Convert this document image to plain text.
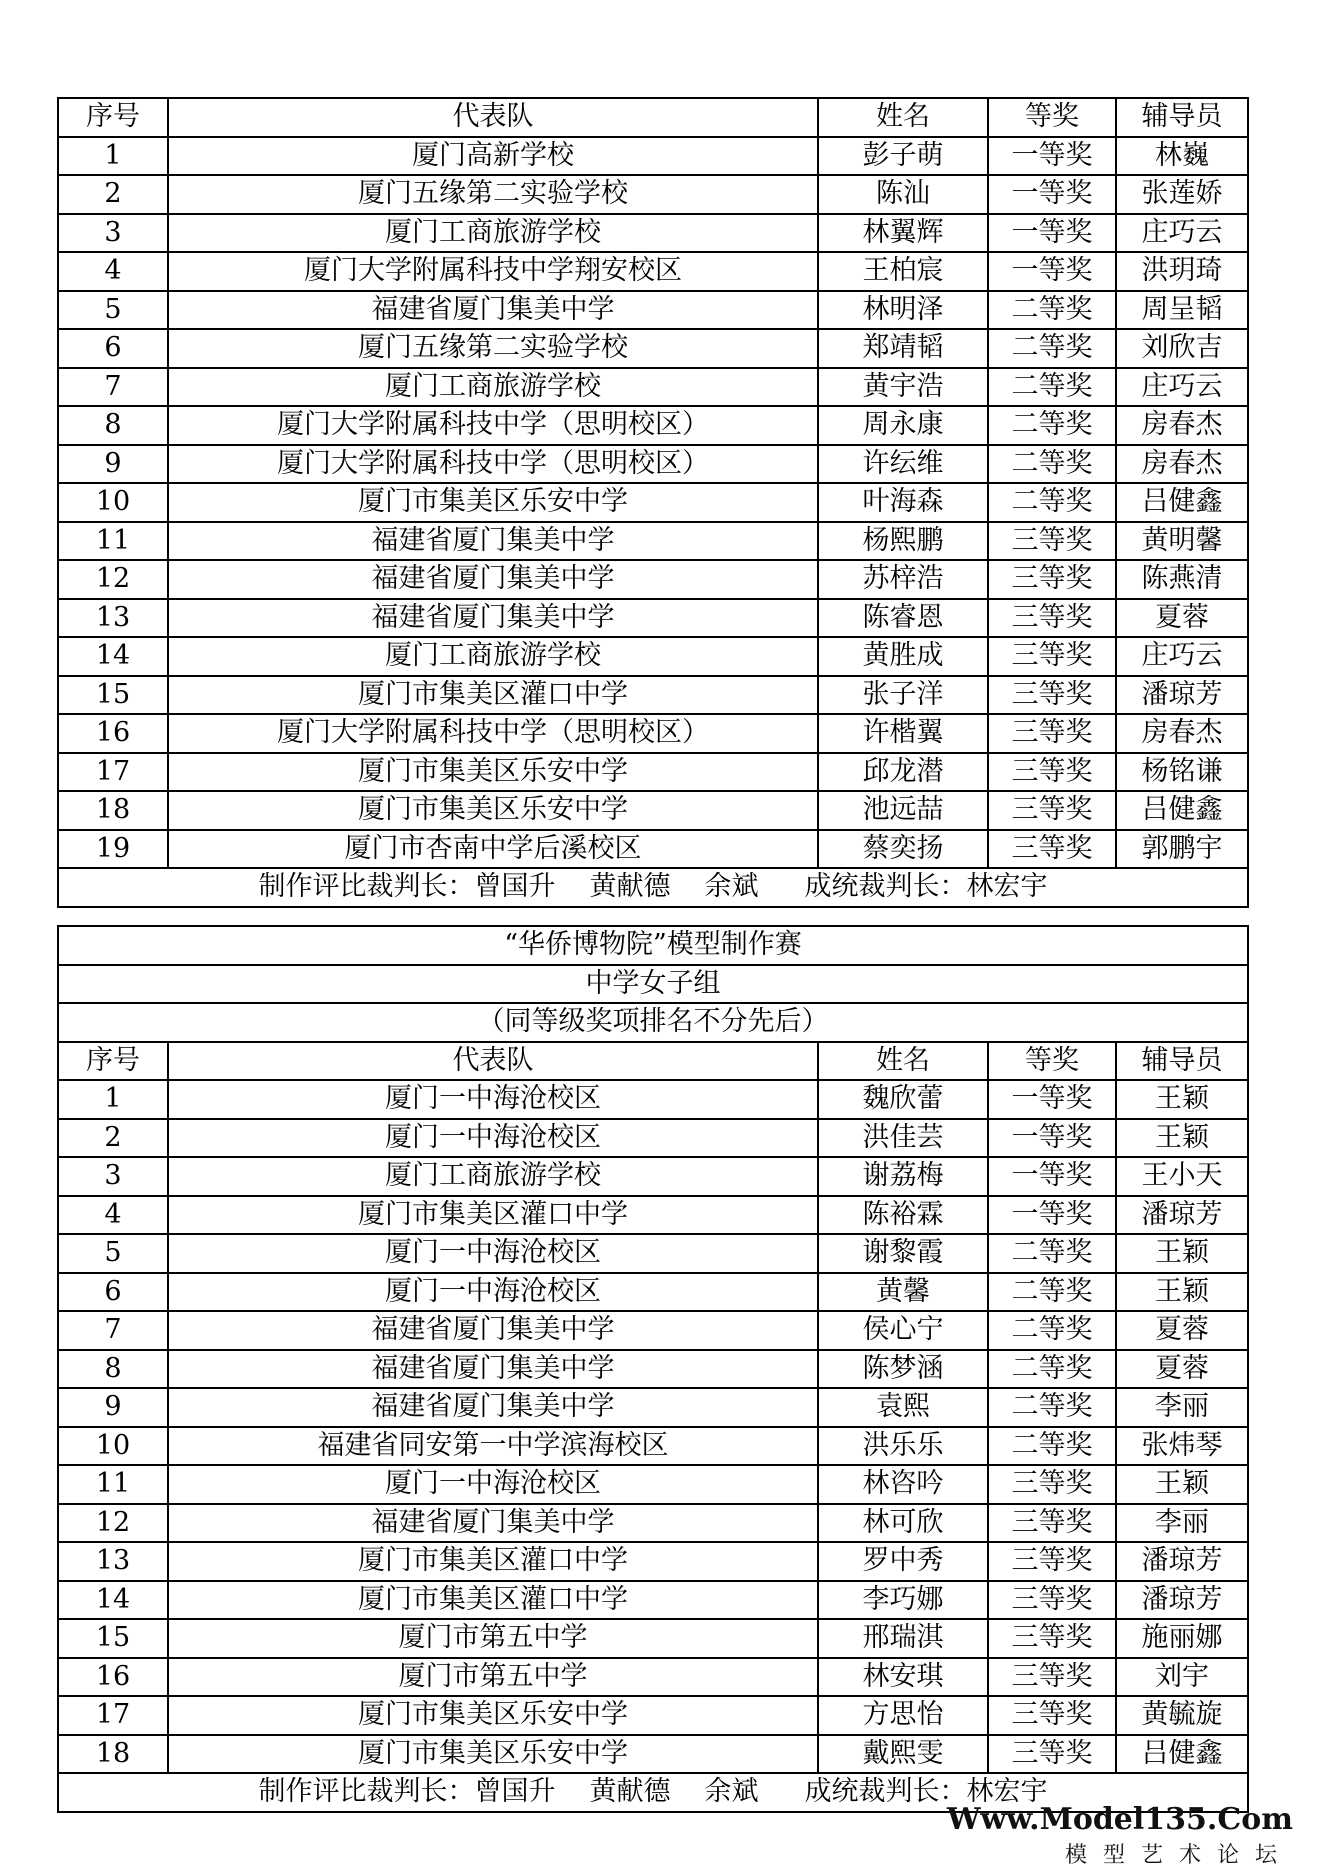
序号	代表队	姓名	等奖	辅导员
1	厦门高新学校	彭子萌	一等奖	林巍
2	厦门五缘第二实验学校	陈汕	一等奖	张莲娇
3	厦门工商旅游学校	林翼辉	一等奖	庄巧云
4	厦门大学附属科技中学翔安校区	王柏宸	一等奖	洪玥琦
5	福建省厦门集美中学	林明泽	二等奖	周呈韬
6	厦门五缘第二实验学校	郑靖韬	二等奖	刘欣吉
7	厦门工商旅游学校	黄宇浩	二等奖	庄巧云
8	厦门大学附属科技中学（思明校区）	周永康	二等奖	房春杰
9	厦门大学附属科技中学（思明校区）	许纭维	二等奖	房春杰
10	厦门市集美区乐安中学	叶海森	二等奖	吕健鑫
11	福建省厦门集美中学	杨熙鹏	三等奖	黄明馨
12	福建省厦门集美中学	苏梓浩	三等奖	陈燕清
13	福建省厦门集美中学	陈睿恩	三等奖	夏蓉
14	厦门工商旅游学校	黄胜成	三等奖	庄巧云
15	厦门市集美区灌口中学	张子洋	三等奖	潘琼芳
16	厦门大学附属科技中学（思明校区）	许楷翼	三等奖	房春杰
17	厦门市集美区乐安中学	邱龙潜	三等奖	杨铭谦
18	厦门市集美区乐安中学	池远喆	三等奖	吕健鑫
19	厦门市杏南中学后溪校区	蔡奕扬	三等奖	郭鹏宇
制作评比裁判长：曾国升 黄献德 余斌 成统裁判长：林宏宇				
“华侨博物院”模型制作赛				
中学女子组				
（同等级奖项排名不分先后）				
序号	代表队	姓名	等奖	辅导员
1	厦门一中海沧校区	魏欣蕾	一等奖	王颖
2	厦门一中海沧校区	洪佳芸	一等奖	王颖
3	厦门工商旅游学校	谢荔梅	一等奖	王小天
4	厦门市集美区灌口中学	陈裕霖	一等奖	潘琼芳
5	厦门一中海沧校区	谢黎霞	二等奖	王颖
6	厦门一中海沧校区	黄馨	二等奖	王颖
7	福建省厦门集美中学	侯心宁	二等奖	夏蓉
8	福建省厦门集美中学	陈梦涵	二等奖	夏蓉
9	福建省厦门集美中学	袁熙	二等奖	李丽
10	福建省同安第一中学滨海校区	洪乐乐	二等奖	张炜琴
11	厦门一中海沧校区	林咨吟	三等奖	王颖
12	福建省厦门集美中学	林可欣	三等奖	李丽
13	厦门市集美区灌口中学	罗中秀	三等奖	潘琼芳
14	厦门市集美区灌口中学	李巧娜	三等奖	潘琼芳
15	厦门市第五中学	邢瑞淇	三等奖	施丽娜
16	厦门市第五中学	林安琪	三等奖	刘宇
17	厦门市集美区乐安中学	方思怡	三等奖	黄毓旋
18	厦门市集美区乐安中学	戴熙雯	三等奖	吕健鑫
制作评比裁判长：曾国升 黄献德 余斌 成统裁判长：林宏宇				
Www.Model135.Com
模型艺术论坛
